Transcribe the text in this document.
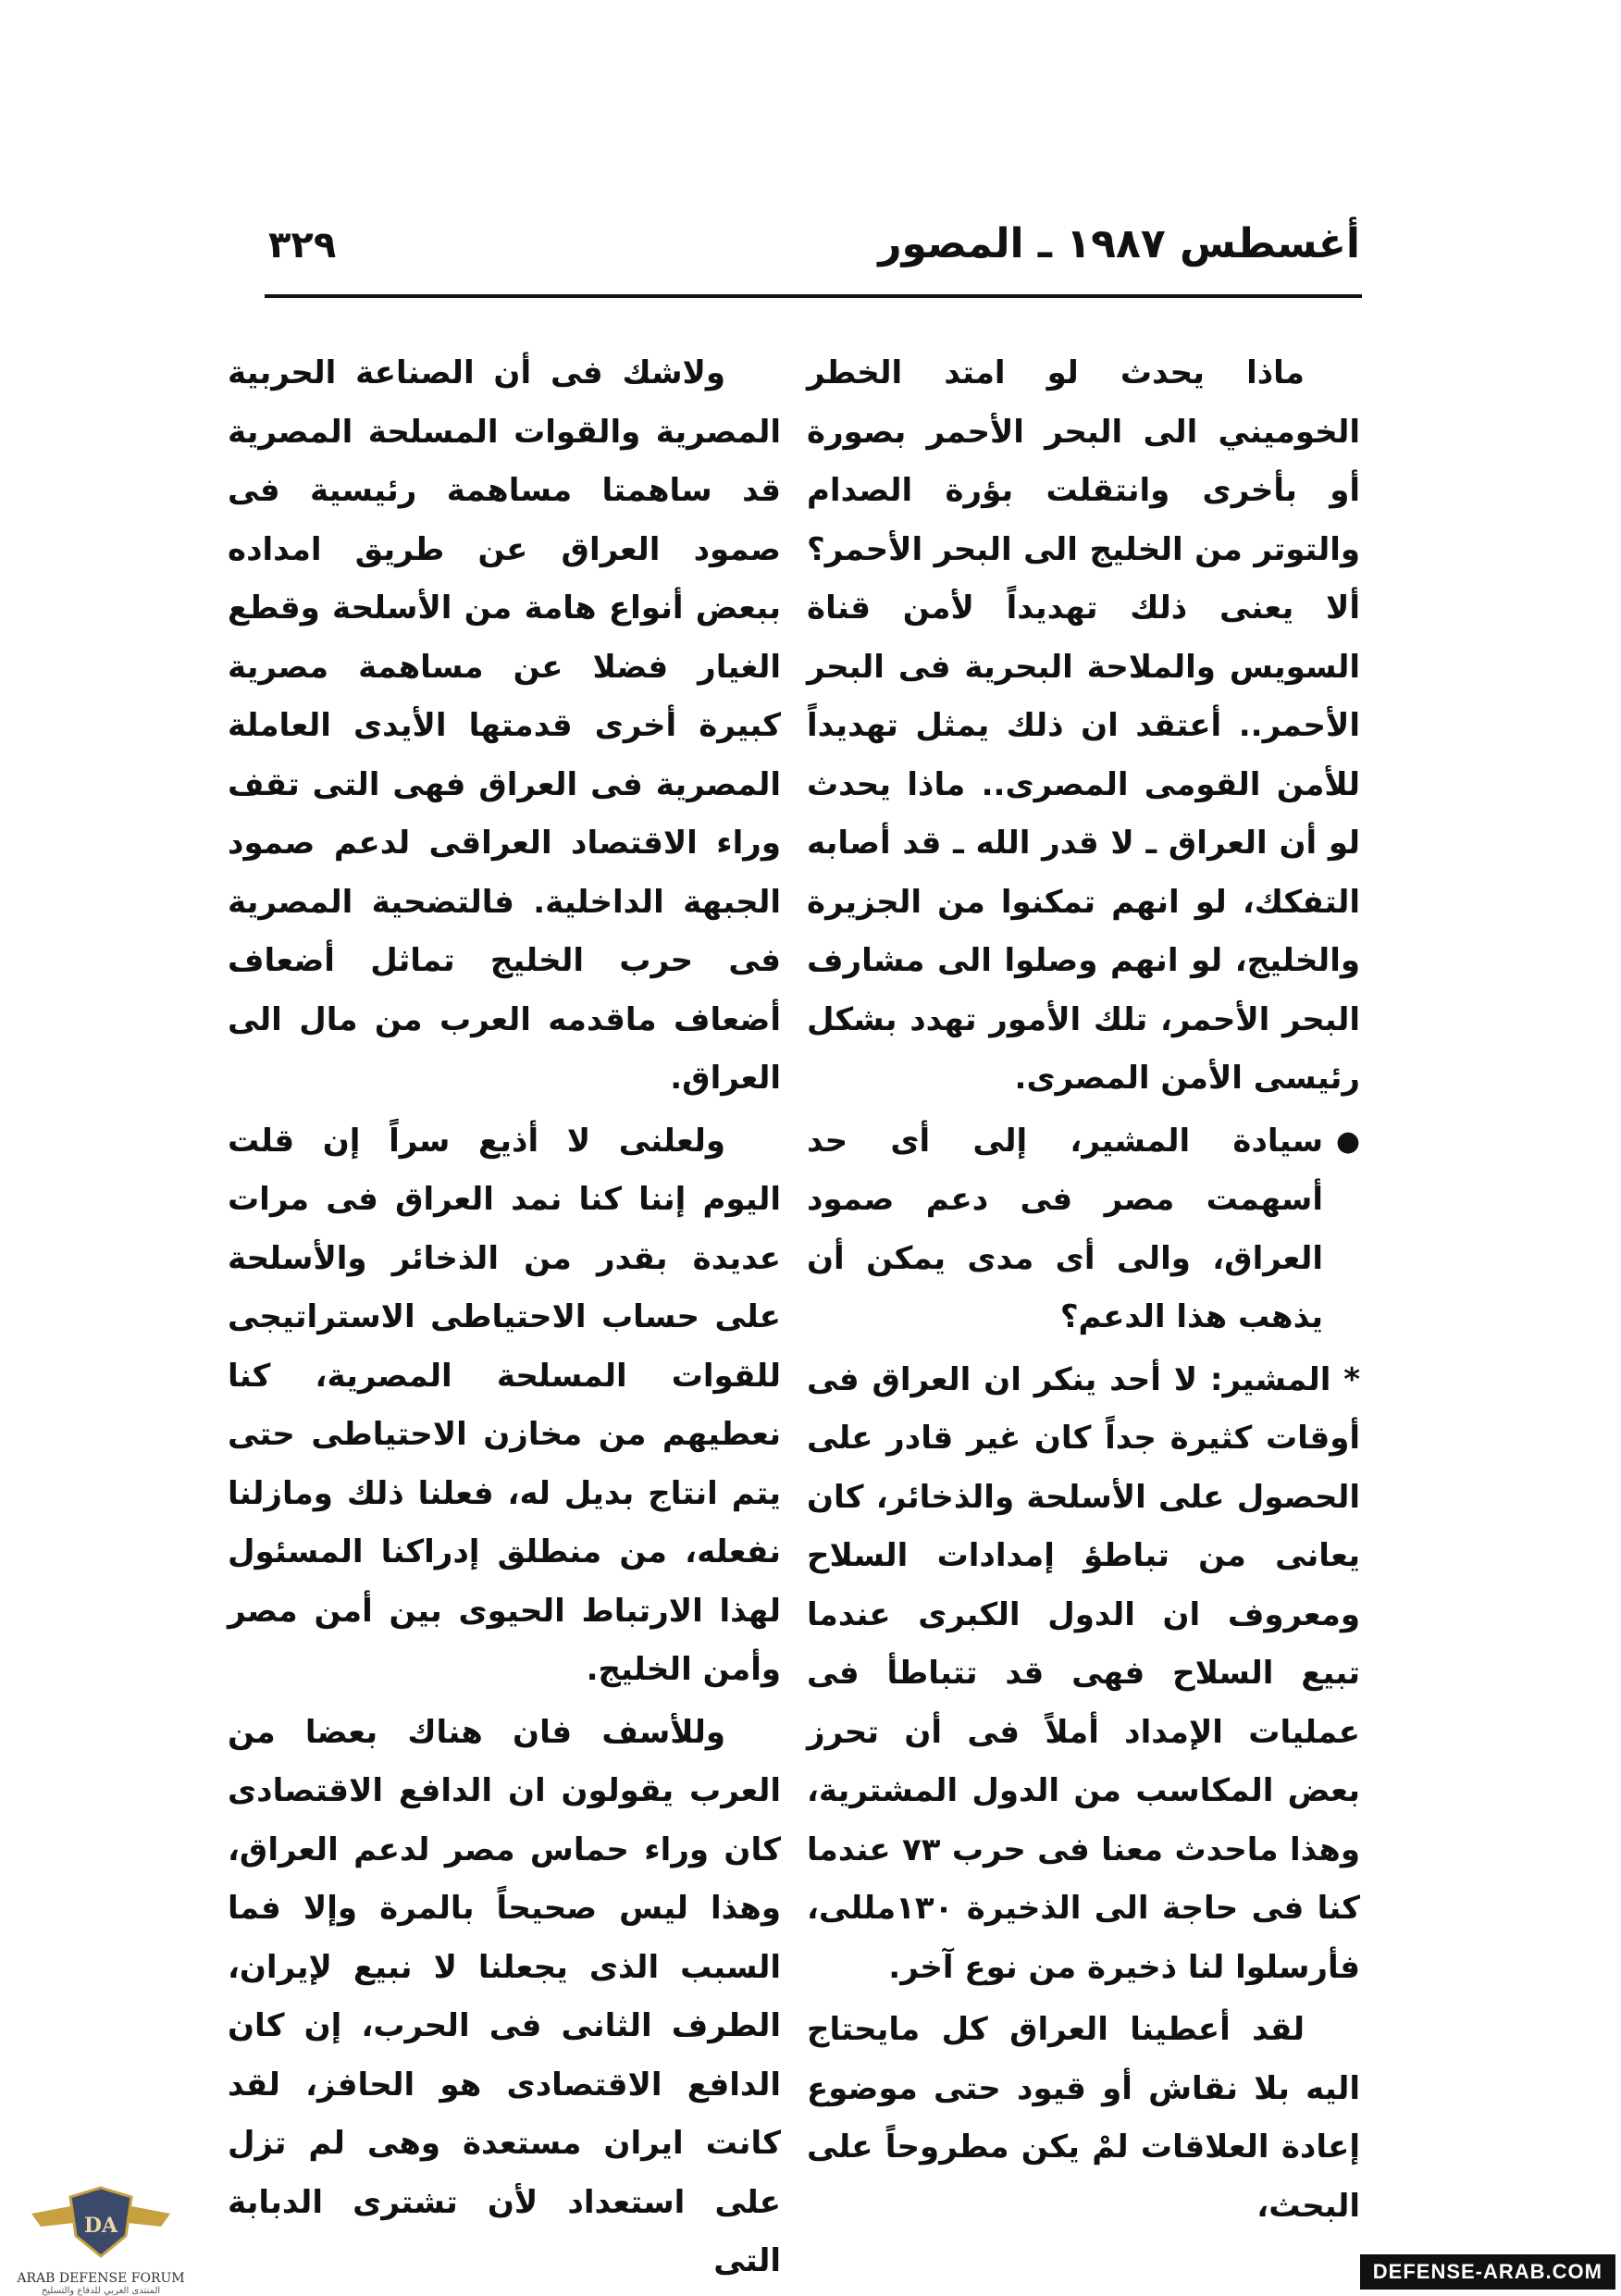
أغسطس ١٩٨٧ ـ المصور
٣٢٩

ماذا يحدث لو امتد الخطر الخوميني الى البحر الأحمر بصورة أو بأخرى وانتقلت بؤرة الصدام والتوتر من الخليج الى البحر الأحمر؟ ألا يعنى ذلك تهديداً لأمن قناة السويس والملاحة البحرية فى البحر الأحمر.. أعتقد ان ذلك يمثل تهديداً للأمن القومى المصرى.. ماذا يحدث لو أن العراق ـ لا قدر الله ـ قد أصابه التفكك، لو انهم تمكنوا من الجزيرة والخليج، لو انهم وصلوا الى مشارف البحر الأحمر، تلك الأمور تهدد بشكل رئيسى الأمن المصرى.

●
سيادة المشير، إلى أى حد أسهمت مصر فى دعم صمود العراق، والى أى مدى يمكن أن يذهب هذا الدعم؟

* المشير: لا أحد ينكر ان العراق فى أوقات كثيرة جداً كان غير قادر على الحصول على الأسلحة والذخائر، كان يعانى من تباطؤ إمدادات السلاح ومعروف ان الدول الكبرى عندما تبيع السلاح فهى قد تتباطأ فى عمليات الإمداد أملاً فى أن تحرز بعض المكاسب من الدول المشترية، وهذا ماحدث معنا فى حرب ٧٣ عندما كنا فى حاجة الى الذخيرة ١٣٠مللى، فأرسلوا لنا ذخيرة من نوع آخر.

لقد أعطينا العراق كل مايحتاج اليه بلا نقاش أو قيود حتى موضوع إعادة العلاقات لمْ يكن مطروحاً على البحث،

ولاشك فى أن الصناعة الحربية المصرية والقوات المسلحة المصرية قد ساهمتا مساهمة رئيسية فى صمود العراق عن طريق امداده ببعض أنواع هامة من الأسلحة وقطع الغيار فضلا عن مساهمة مصرية كبيرة أخرى قدمتها الأيدى العاملة المصرية فى العراق فهى التى تقف وراء الاقتصاد العراقى لدعم صمود الجبهة الداخلية. فالتضحية المصرية فى حرب الخليج تماثل أضعاف أضعاف ماقدمه العرب من مال الى العراق.

ولعلنى لا أذيع سراً إن قلت اليوم إننا كنا نمد العراق فى مرات عديدة بقدر من الذخائر والأسلحة على حساب الاحتياطى الاستراتيجى للقوات المسلحة المصرية، كنا نعطيهم من مخازن الاحتياطى حتى يتم انتاج بديل له، فعلنا ذلك ومازلنا نفعله، من منطلق إدراكنا المسئول لهذا الارتباط الحيوى بين أمن مصر وأمن الخليج.

وللأسف فان هناك بعضا من العرب يقولون ان الدافع الاقتصادى كان وراء حماس مصر لدعم العراق، وهذا ليس صحيحاً بالمرة وإلا فما السبب الذى يجعلنا لا نبيع لإيران، الطرف الثانى فى الحرب، إن كان الدافع الاقتصادى هو الحافز، لقد كانت ايران مستعدة وهى لم تزل على استعداد لأن تشترى الدبابة التى

DA
ARAB DEFENSE FORUM
المنتدى العربي للدفاع والتسليح
DEFENSE-ARAB.COM
